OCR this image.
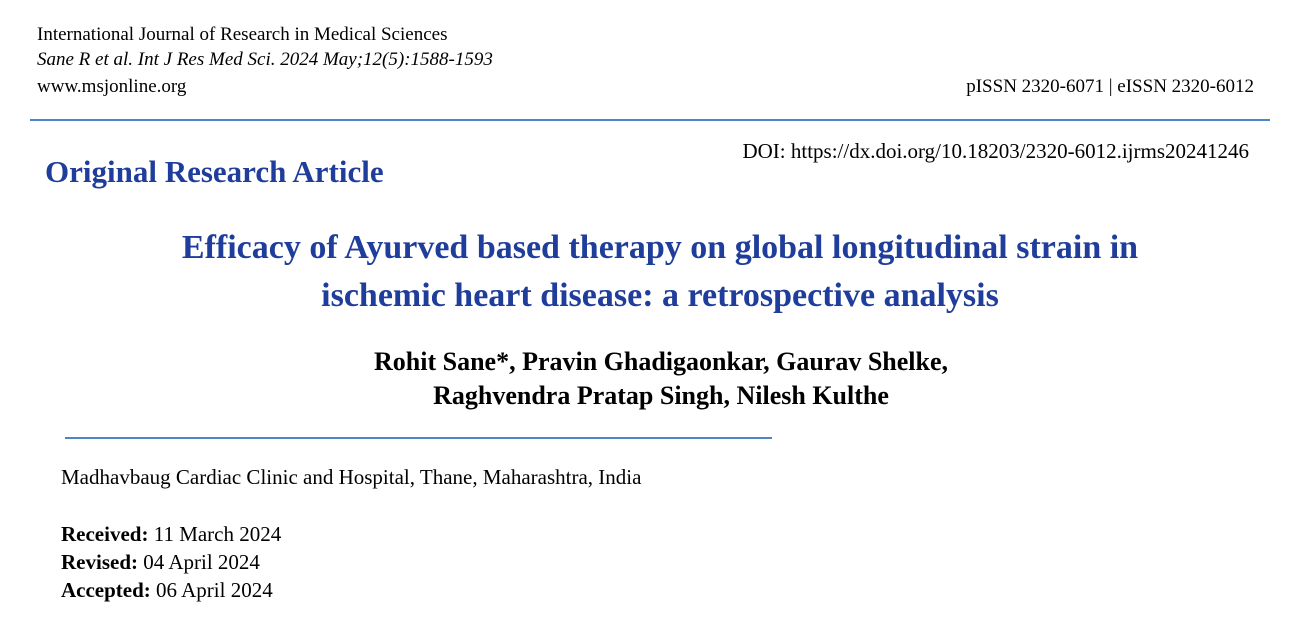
International Journal of Research in Medical Sciences
Sane R et al. Int J Res Med Sci. 2024 May;12(5):1588-1593
www.msjonline.org	pISSN 2320-6071 | eISSN 2320-6012
DOI: https://dx.doi.org/10.18203/2320-6012.ijrms20241246
Original Research Article
Efficacy of Ayurved based therapy on global longitudinal strain in
ischemic heart disease: a retrospective analysis
Rohit Sane*, Pravin Ghadigaonkar, Gaurav Shelke,
Raghvendra Pratap Singh, Nilesh Kulthe
Madhavbaug Cardiac Clinic and Hospital, Thane, Maharashtra, India
Received: 11 March 2024
Revised: 04 April 2024
Accepted: 06 April 2024
